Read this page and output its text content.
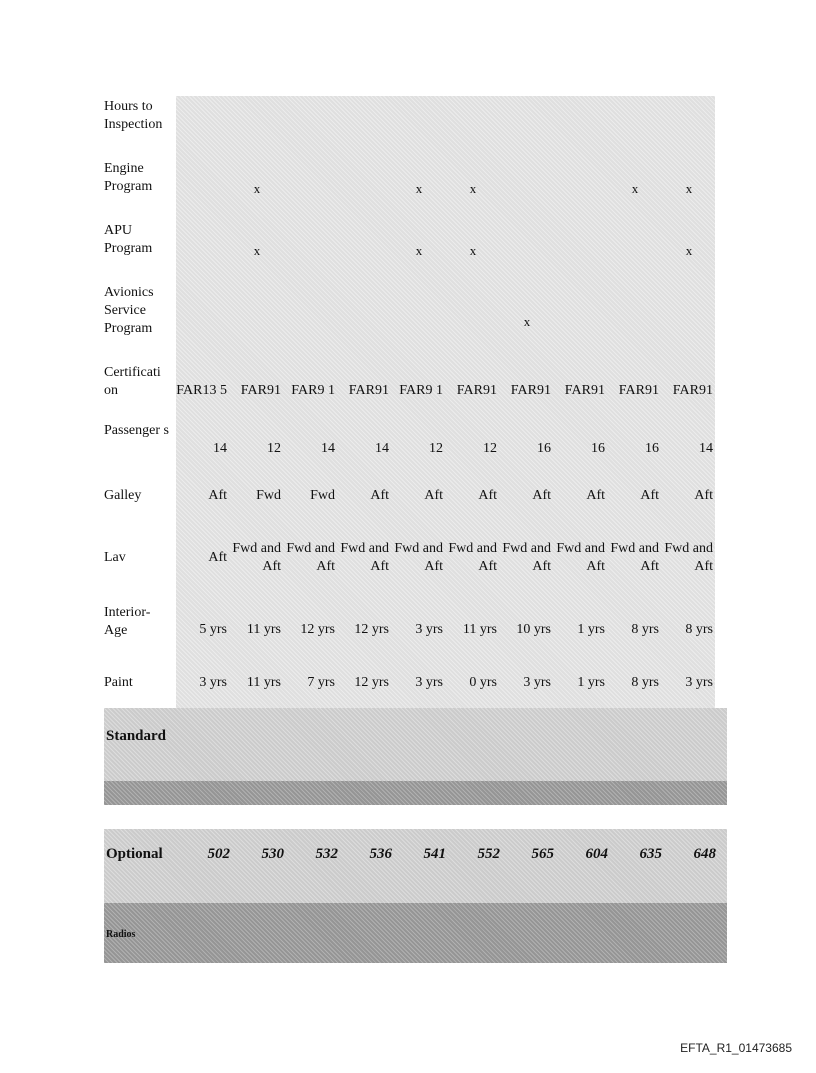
Hours to Inspection										
Engine Program		x			x	x			x	x
APU Program		x			x	x				x
Avionics Service Program							x			
Certificati on	FAR13 5	FAR91	FAR9 1	FAR91	FAR9 1	FAR91	FAR91	FAR91	FAR91	FAR91
Passenger s	14	12	14	14	12	12	16	16	16	14
Galley	Aft	Fwd	Fwd	Aft	Aft	Aft	Aft	Aft	Aft	Aft
Lav	Aft	Fwd and Aft	Fwd and Aft	Fwd and Aft	Fwd and Aft	Fwd and Aft	Fwd and Aft	Fwd and Aft	Fwd and Aft	Fwd and Aft
Interior- Age	5 yrs	11 yrs	12 yrs	12 yrs	3 yrs	11 yrs	10 yrs	1 yrs	8 yrs	8 yrs
Paint	3 yrs	11 yrs	7 yrs	12 yrs	3 yrs	0 yrs	3 yrs	1 yrs	8 yrs	3 yrs
Standard
Optional	502	530	532	536	541	552	565	604	635	648
Radios
EFTA_R1_01473685
